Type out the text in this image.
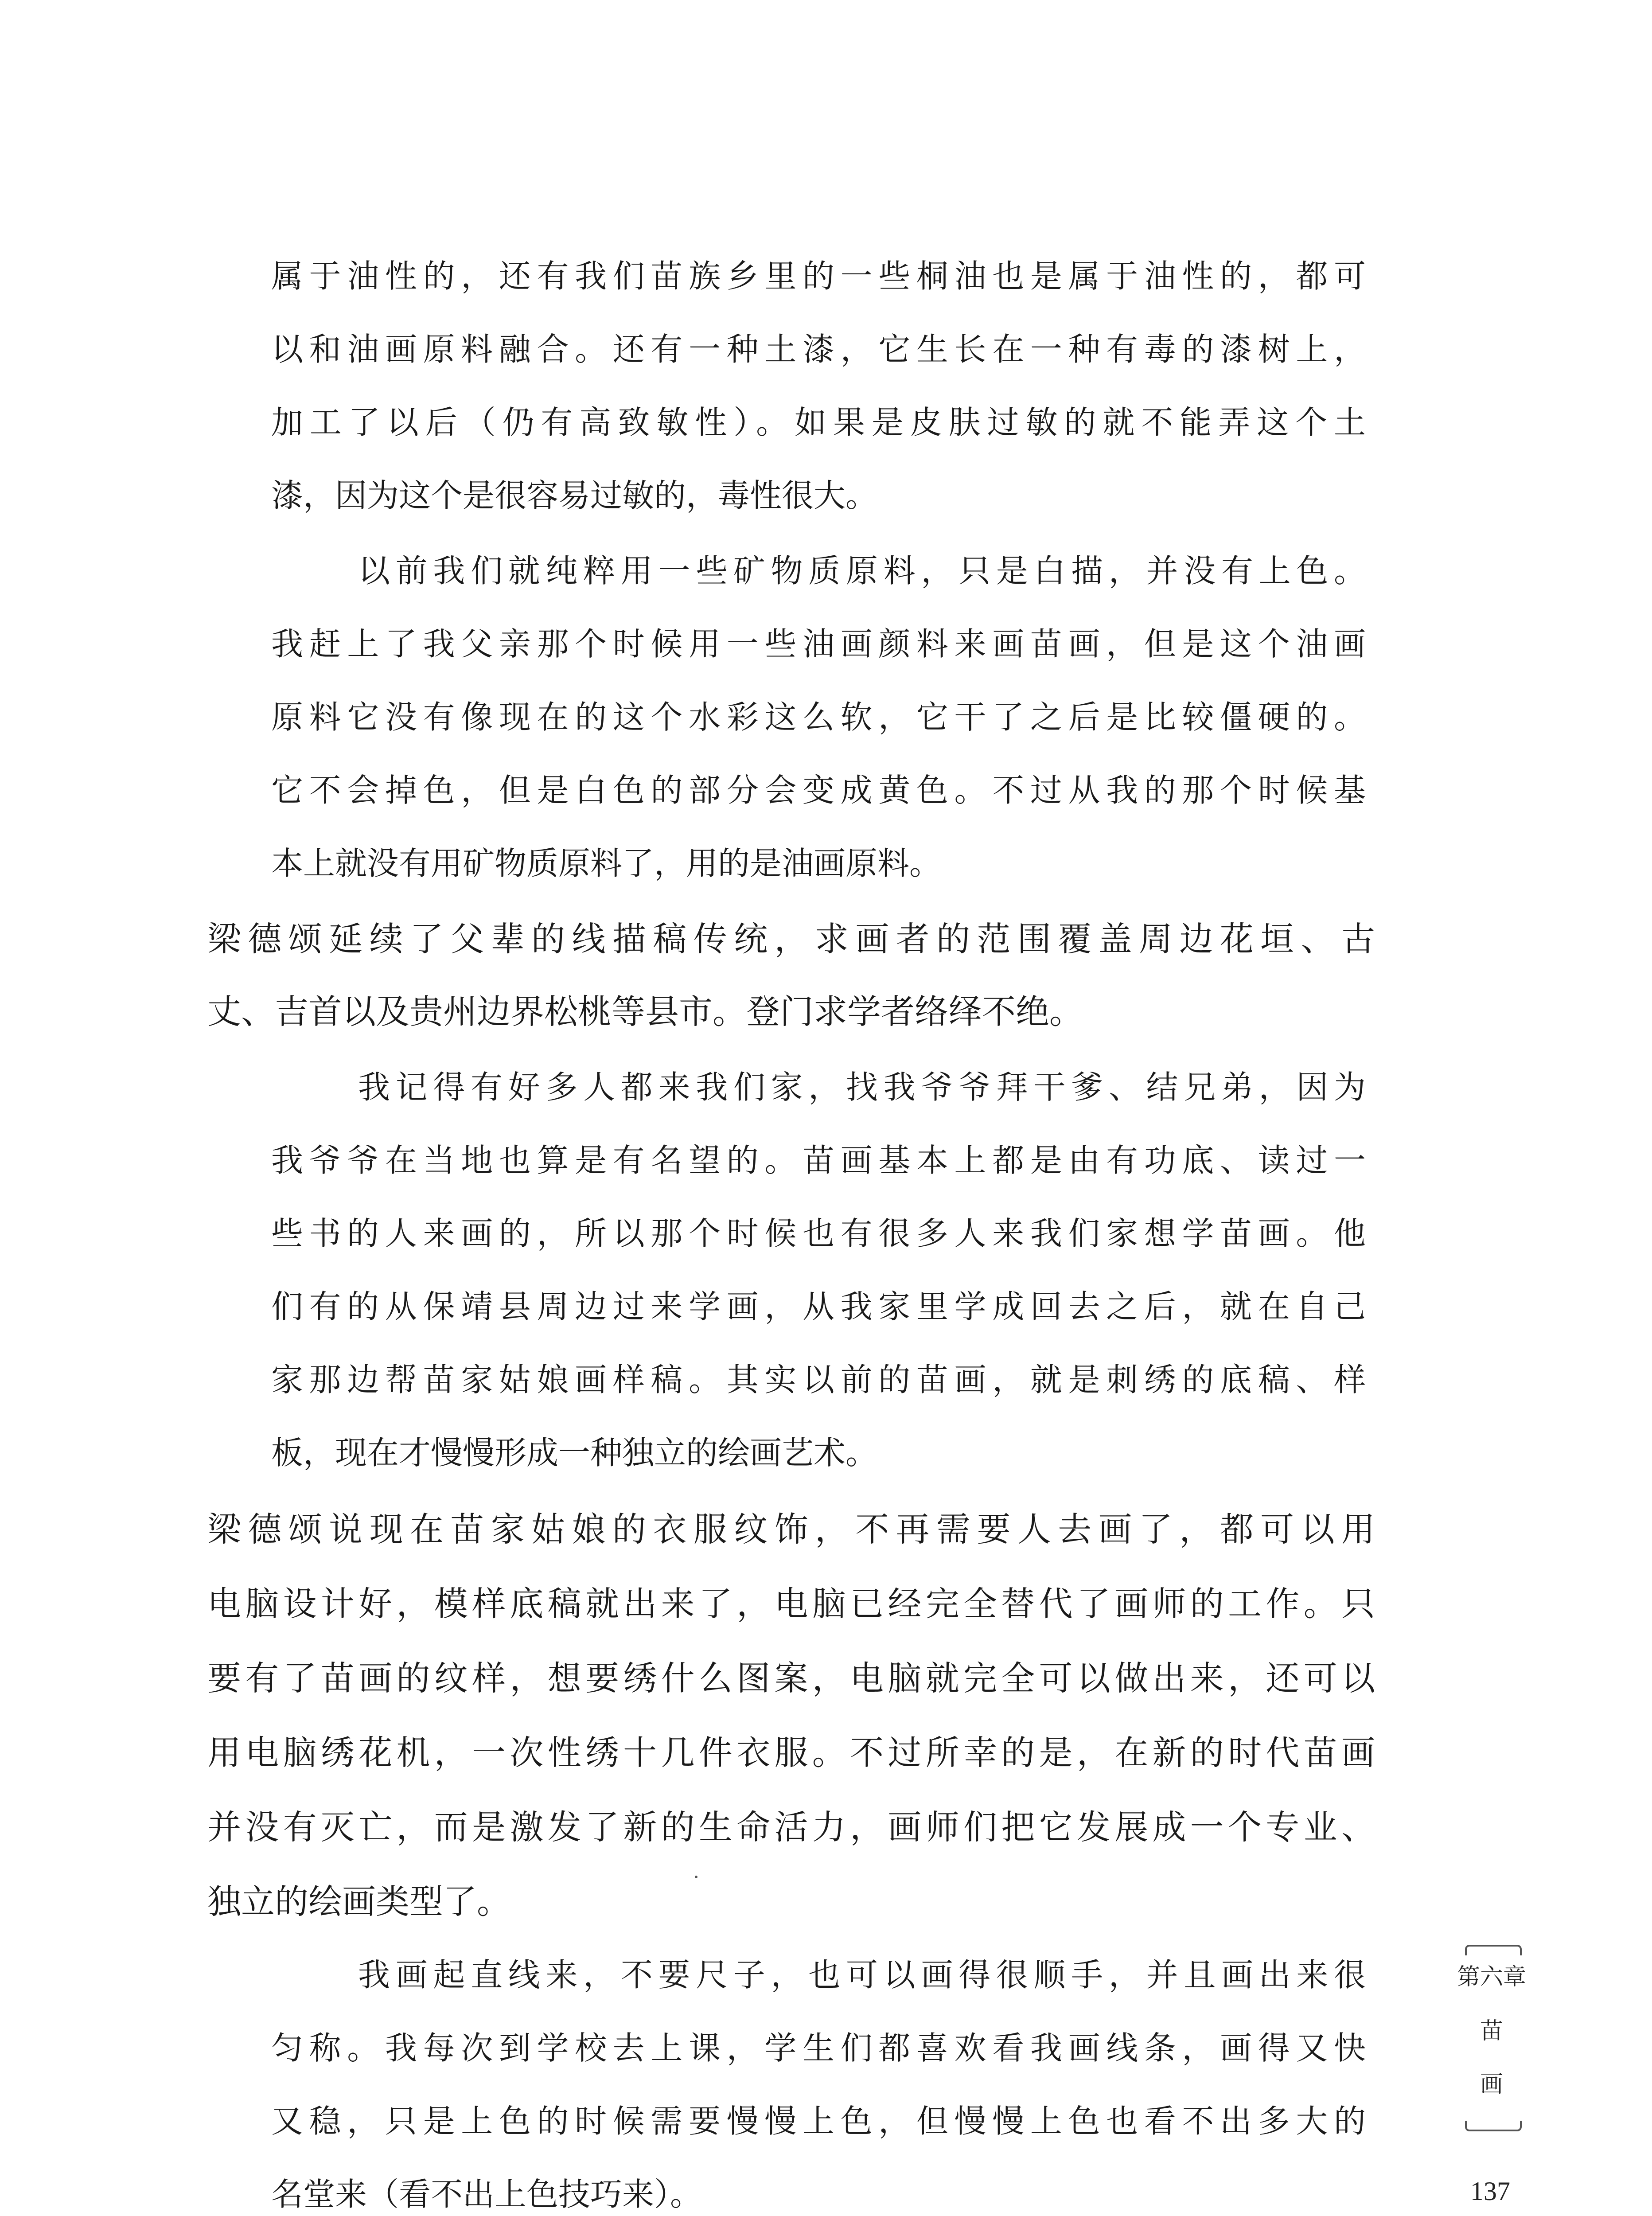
属于油性的，还有我们苗族乡里的一些桐油也是属于油性的，都可

以和油画原料融合。还有一种土漆，它生长在一种有毒的漆树上，

加工了以后（仍有高致敏性）。如果是皮肤过敏的就不能弄这个土

漆，因为这个是很容易过敏的，毒性很大。

以前我们就纯粹用一些矿物质原料，只是白描，并没有上色。

我赶上了我父亲那个时候用一些油画颜料来画苗画，但是这个油画

原料它没有像现在的这个水彩这么软，它干了之后是比较僵硬的。

它不会掉色，但是白色的部分会变成黄色。不过从我的那个时候基

本上就没有用矿物质原料了，用的是油画原料。

梁德颂延续了父辈的线描稿传统，求画者的范围覆盖周边花垣、古

丈、吉首以及贵州边界松桃等县市。登门求学者络绎不绝。

我记得有好多人都来我们家，找我爷爷拜干爹、结兄弟，因为

我爷爷在当地也算是有名望的。苗画基本上都是由有功底、读过一

些书的人来画的，所以那个时候也有很多人来我们家想学苗画。他

们有的从保靖县周边过来学画，从我家里学成回去之后，就在自己

家那边帮苗家姑娘画样稿。其实以前的苗画，就是刺绣的底稿、样

板，现在才慢慢形成一种独立的绘画艺术。

梁德颂说现在苗家姑娘的衣服纹饰，不再需要人去画了，都可以用

电脑设计好，模样底稿就出来了，电脑已经完全替代了画师的工作。只

要有了苗画的纹样，想要绣什么图案，电脑就完全可以做出来，还可以

用电脑绣花机，一次性绣十几件衣服。不过所幸的是，在新的时代苗画

并没有灭亡，而是激发了新的生命活力，画师们把它发展成一个专业、

独立的绘画类型了。

我画起直线来，不要尺子，也可以画得很顺手，并且画出来很

匀称。我每次到学校去上课，学生们都喜欢看我画线条，画得又快

又稳，只是上色的时候需要慢慢上色，但慢慢上色也看不出多大的

名堂来（看不出上色技巧来）。

第六章
苗
画
137
